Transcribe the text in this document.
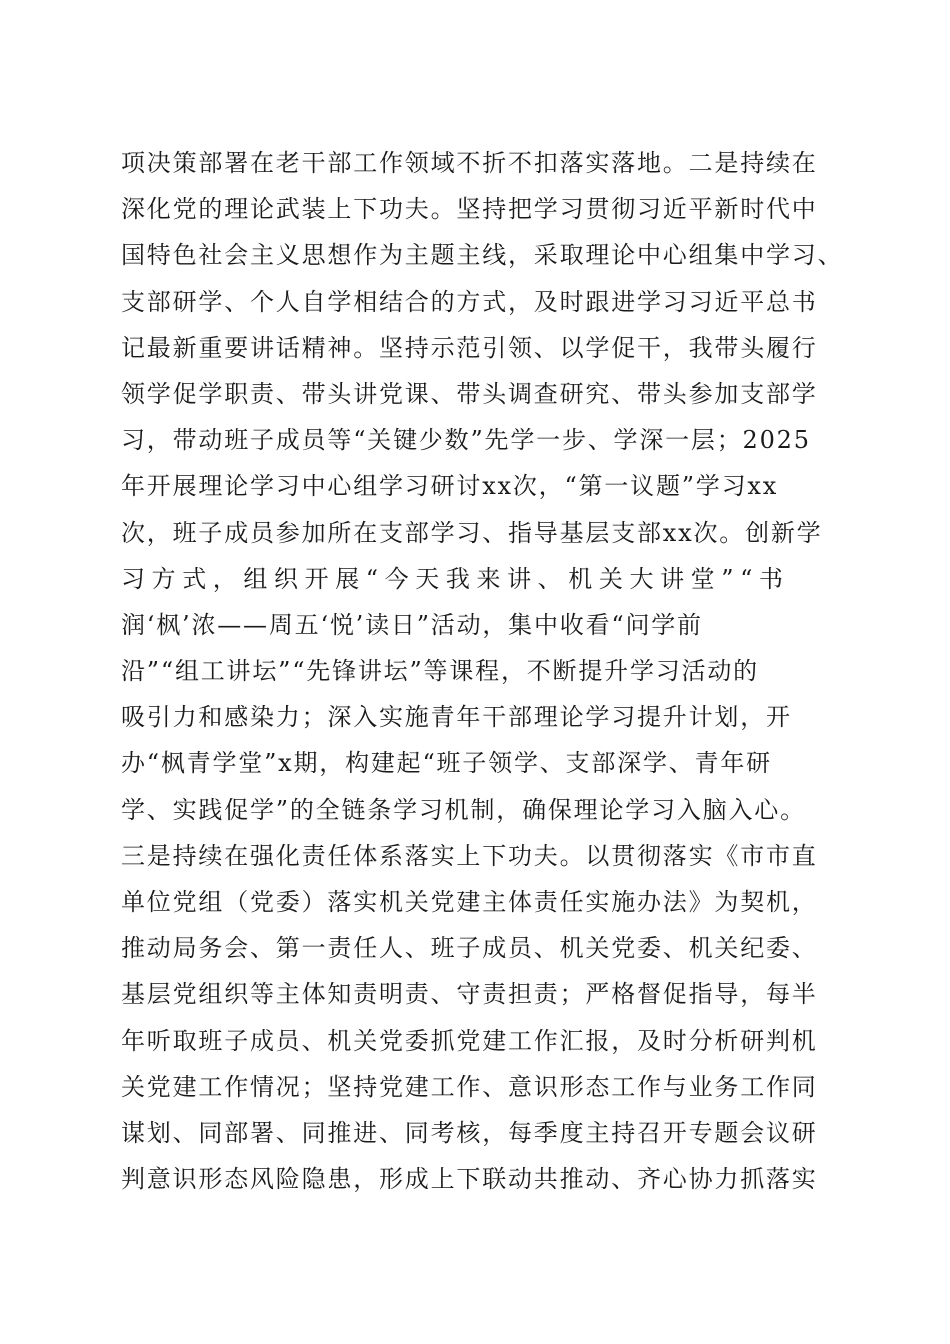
项决策部署在老干部工作领域不折不扣落实落地。二是持续在
深化党的理论武装上下功夫。坚持把学习贯彻习近平新时代中
国特色社会主义思想作为主题主线，采取理论中心组集中学习、
支部研学、个人自学相结合的方式，及时跟进学习习近平总书
记最新重要讲话精神。坚持示范引领、以学促干，我带头履行
领学促学职责、带头讲党课、带头调查研究、带头参加支部学
习，带动班子成员等“关键少数”先学一步、学深一层；2025
年开展理论学习中心组学习研讨xx次，“第一议题”学习xx
次，班子成员参加所在支部学习、指导基层支部xx次。创新学
习方式，组织开展“今天我来讲、机关大讲堂”“书
润‘枫’浓——周五‘悦’读日”活动，集中收看“问学前
沿”“组工讲坛”“先锋讲坛”等课程，不断提升学习活动的
吸引力和感染力；深入实施青年干部理论学习提升计划，开
办“枫青学堂”x期，构建起“班子领学、支部深学、青年研
学、实践促学”的全链条学习机制，确保理论学习入脑入心。
三是持续在强化责任体系落实上下功夫。以贯彻落实《市市直
单位党组（党委）落实机关党建主体责任实施办法》为契机，
推动局务会、第一责任人、班子成员、机关党委、机关纪委、
基层党组织等主体知责明责、守责担责；严格督促指导，每半
年听取班子成员、机关党委抓党建工作汇报，及时分析研判机
关党建工作情况；坚持党建工作、意识形态工作与业务工作同
谋划、同部署、同推进、同考核，每季度主持召开专题会议研
判意识形态风险隐患，形成上下联动共推动、齐心协力抓落实
